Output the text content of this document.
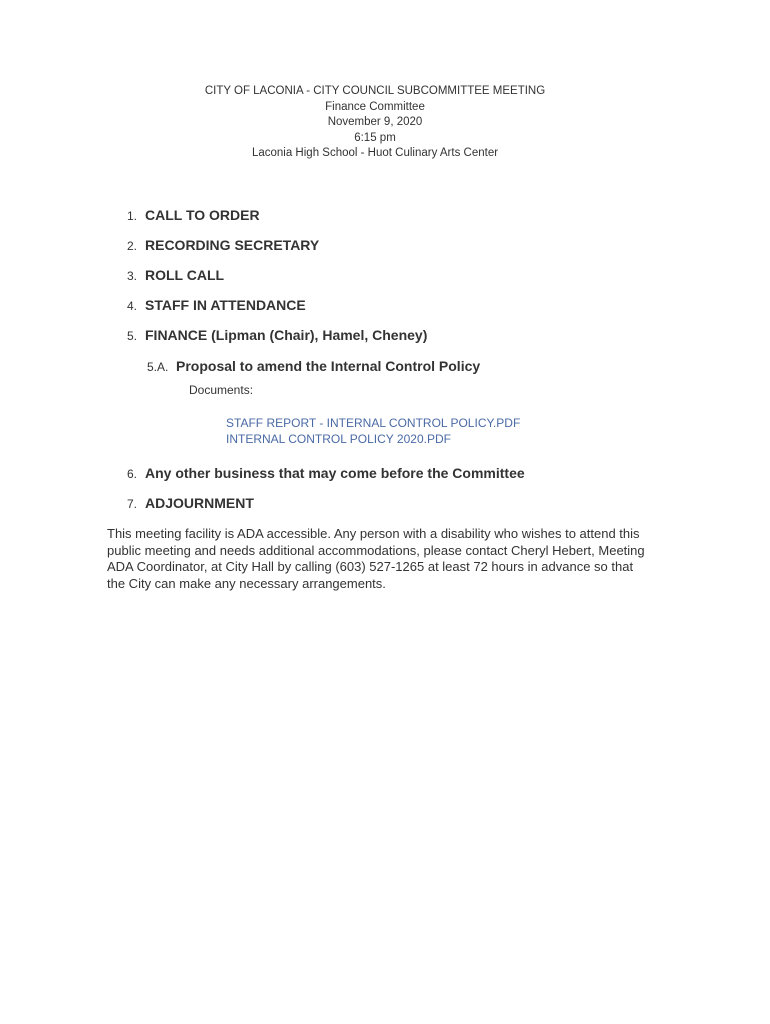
CITY OF LACONIA - CITY COUNCIL SUBCOMMITTEE MEETING
Finance Committee
November 9, 2020
6:15 pm
Laconia High School - Huot Culinary Arts Center
1. CALL TO ORDER
2. RECORDING SECRETARY
3. ROLL CALL
4. STAFF IN ATTENDANCE
5. FINANCE (Lipman (Chair), Hamel, Cheney)
5.A. Proposal to amend the Internal Control Policy
Documents:
STAFF REPORT - INTERNAL CONTROL POLICY.PDF
INTERNAL CONTROL POLICY 2020.PDF
6. Any other business that may come before the Committee
7. ADJOURNMENT
This meeting facility is ADA accessible. Any person with a disability who wishes to attend this public meeting and needs additional accommodations, please contact Cheryl Hebert, Meeting ADA Coordinator, at City Hall by calling (603) 527-1265 at least 72 hours in advance so that the City can make any necessary arrangements.
